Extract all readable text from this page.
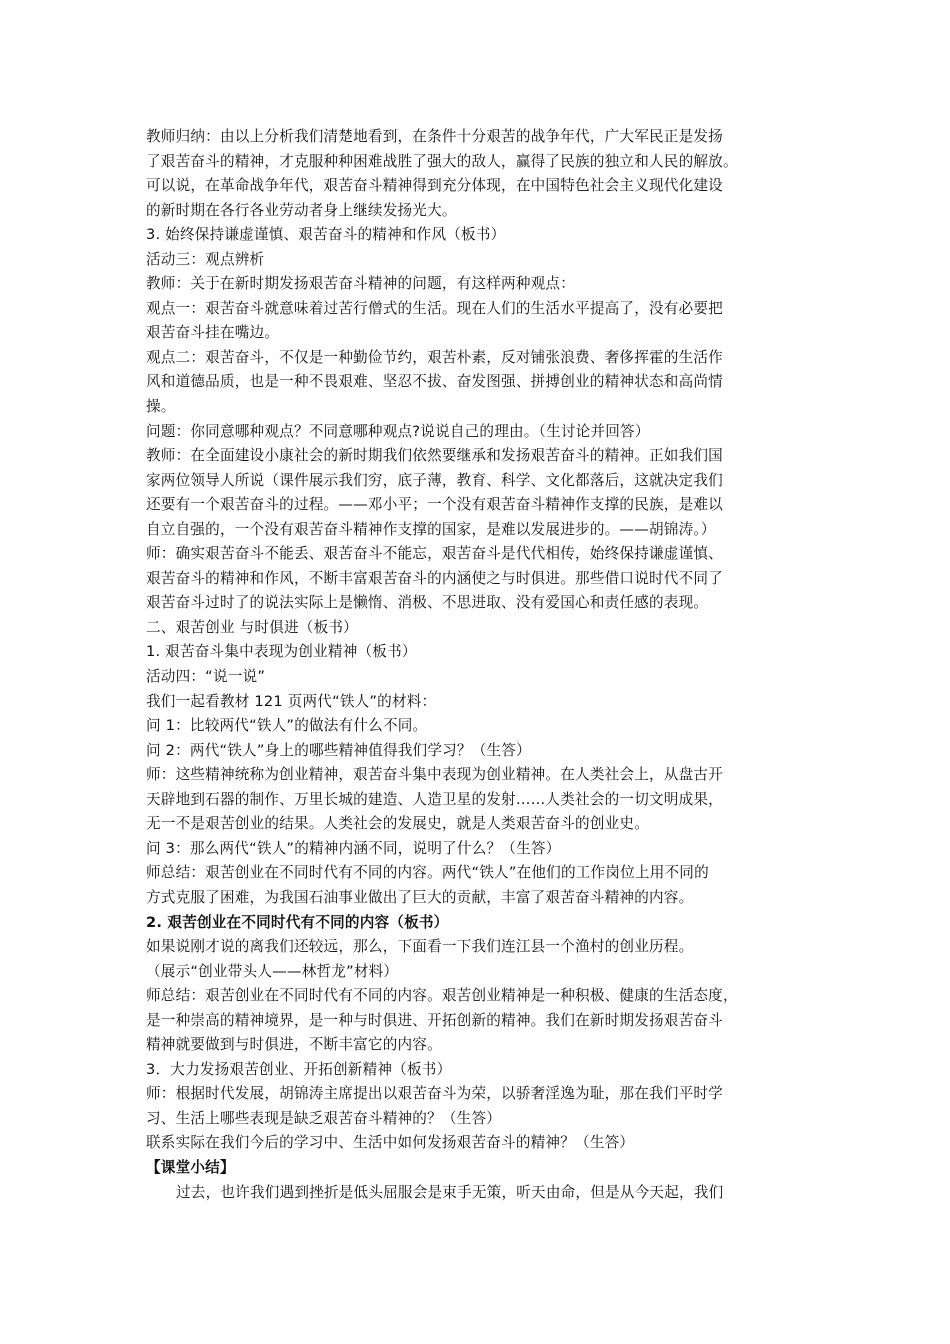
教师归纳：由以上分析我们清楚地看到，在条件十分艰苦的战争年代，广大军民正是发扬
了艰苦奋斗的精神，才克服种种困难战胜了强大的敌人，赢得了民族的独立和人民的解放。
可以说，在革命战争年代，艰苦奋斗精神得到充分体现，在中国特色社会主义现代化建设
的新时期在各行各业劳动者身上继续发扬光大。
3. 始终保持谦虚谨慎、艰苦奋斗的精神和作风（板书）
活动三：观点辨析
教师：关于在新时期发扬艰苦奋斗精神的问题，有这样两种观点：
观点一：艰苦奋斗就意味着过苦行僧式的生活。现在人们的生活水平提高了，没有必要把
艰苦奋斗挂在嘴边。
观点二：艰苦奋斗，不仅是一种勤俭节约，艰苦朴素，反对铺张浪费、奢侈挥霍的生活作
风和道德品质，也是一种不畏艰难、坚忍不拔、奋发图强、拼搏创业的精神状态和高尚情
操。
问题：你同意哪种观点？不同意哪种观点?说说自己的理由。（生讨论并回答）
教师：在全面建设小康社会的新时期我们依然要继承和发扬艰苦奋斗的精神。正如我们国
家两位领导人所说（课件展示我们穷，底子薄，教育、科学、文化都落后，这就决定我们
还要有一个艰苦奋斗的过程。——邓小平；一个没有艰苦奋斗精神作支撑的民族，是难以
自立自强的，一个没有艰苦奋斗精神作支撑的国家，是难以发展进步的。——胡锦涛。）
师：确实艰苦奋斗不能丢、艰苦奋斗不能忘，艰苦奋斗是代代相传，始终保持谦虚谨慎、
艰苦奋斗的精神和作风，不断丰富艰苦奋斗的内涵使之与时俱进。那些借口说时代不同了
艰苦奋斗过时了的说法实际上是懒惰、消极、不思进取、没有爱国心和责任感的表现。
二、艰苦创业 与时俱进（板书）
1. 艰苦奋斗集中表现为创业精神（板书）
活动四：“说一说”
我们一起看教材 121 页两代“铁人”的材料：
问 1：比较两代“铁人”的做法有什么不同。
问 2：两代“铁人”身上的哪些精神值得我们学习？（生答）
师：这些精神统称为创业精神，艰苦奋斗集中表现为创业精神。在人类社会上，从盘古开
天辟地到石器的制作、万里长城的建造、人造卫星的发射……人类社会的一切文明成果，
无一不是艰苦创业的结果。人类社会的发展史，就是人类艰苦奋斗的创业史。
问 3：那么两代“铁人”的精神内涵不同，说明了什么？（生答）
师总结：艰苦创业在不同时代有不同的内容。两代“铁人”在他们的工作岗位上用不同的
方式克服了困难，为我国石油事业做出了巨大的贡献，丰富了艰苦奋斗精神的内容。
2. 艰苦创业在不同时代有不同的内容（板书）
如果说刚才说的离我们还较远，那么，下面看一下我们连江县一个渔村的创业历程。
（展示“创业带头人——林哲龙”材料）
师总结：艰苦创业在不同时代有不同的内容。艰苦创业精神是一种积极、健康的生活态度，
是一种崇高的精神境界，是一种与时俱进、开拓创新的精神。我们在新时期发扬艰苦奋斗
精神就要做到与时俱进，不断丰富它的内容。
3．大力发扬艰苦创业、开拓创新精神（板书）
师：根据时代发展，胡锦涛主席提出以艰苦奋斗为荣，以骄奢淫逸为耻，那在我们平时学
习、生活上哪些表现是缺乏艰苦奋斗精神的？（生答）
联系实际在我们今后的学习中、生活中如何发扬艰苦奋斗的精神？（生答）
【课堂小结】
过去，也许我们遇到挫折是低头屈服会是束手无策，听天由命，但是从今天起，我们
